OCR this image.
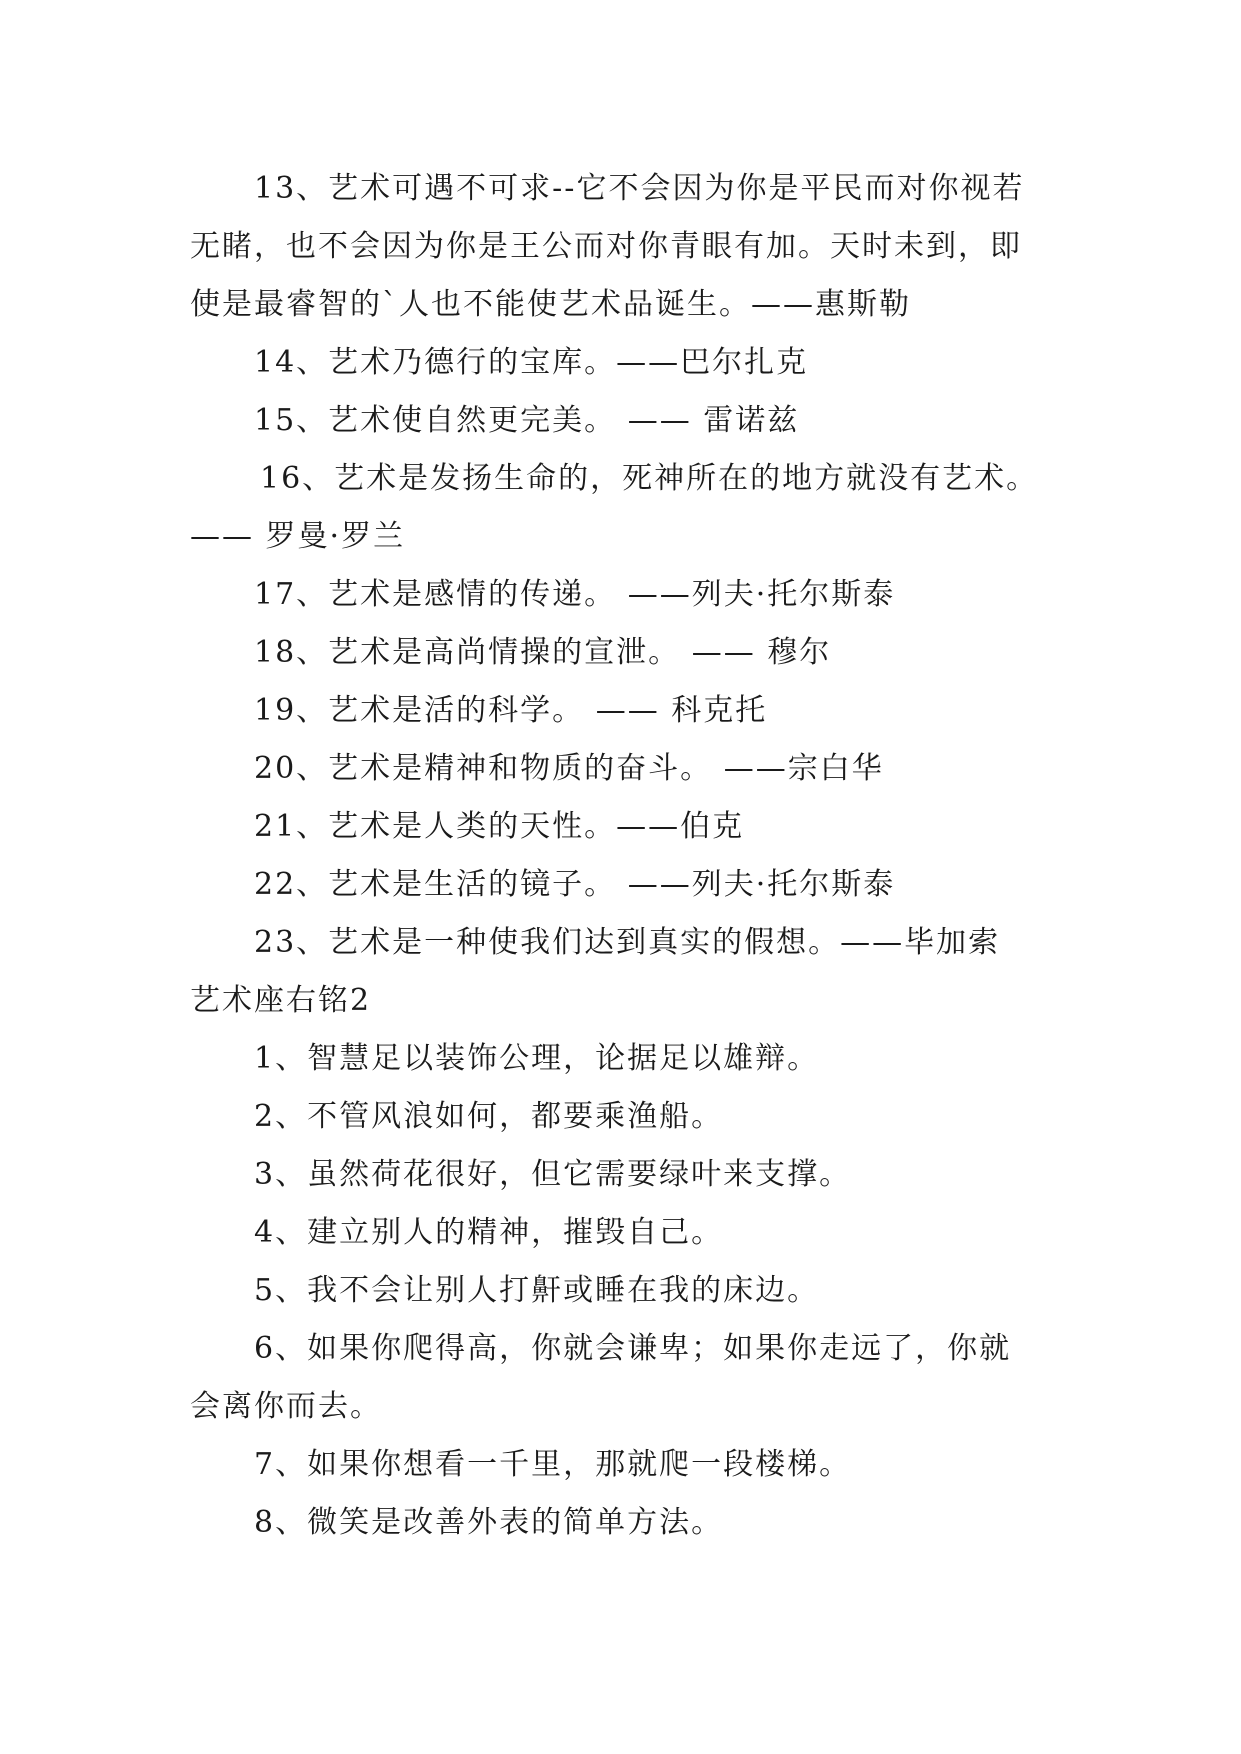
13、艺术可遇不可求--它不会因为你是平民而对你视若
无睹，也不会因为你是王公而对你青眼有加。天时未到，即
使是最睿智的`人也不能使艺术品诞生。——惠斯勒
14、艺术乃德行的宝库。——巴尔扎克
15、艺术使自然更完美。 —— 雷诺兹
16、艺术是发扬生命的，死神所在的地方就没有艺术。
—— 罗曼·罗兰
17、艺术是感情的传递。 ——列夫·托尔斯泰
18、艺术是高尚情操的宣泄。 —— 穆尔
19、艺术是活的科学。 —— 科克托
20、艺术是精神和物质的奋斗。 ——宗白华
21、艺术是人类的天性。——伯克
22、艺术是生活的镜子。 ——列夫·托尔斯泰
23、艺术是一种使我们达到真实的假想。——毕加索
艺术座右铭2
1、智慧足以装饰公理，论据足以雄辩。
2、不管风浪如何，都要乘渔船。
3、虽然荷花很好，但它需要绿叶来支撑。
4、建立别人的精神，摧毁自己。
5、我不会让别人打鼾或睡在我的床边。
6、如果你爬得高，你就会谦卑；如果你走远了，你就
会离你而去。
7、如果你想看一千里，那就爬一段楼梯。
8、微笑是改善外表的简单方法。
